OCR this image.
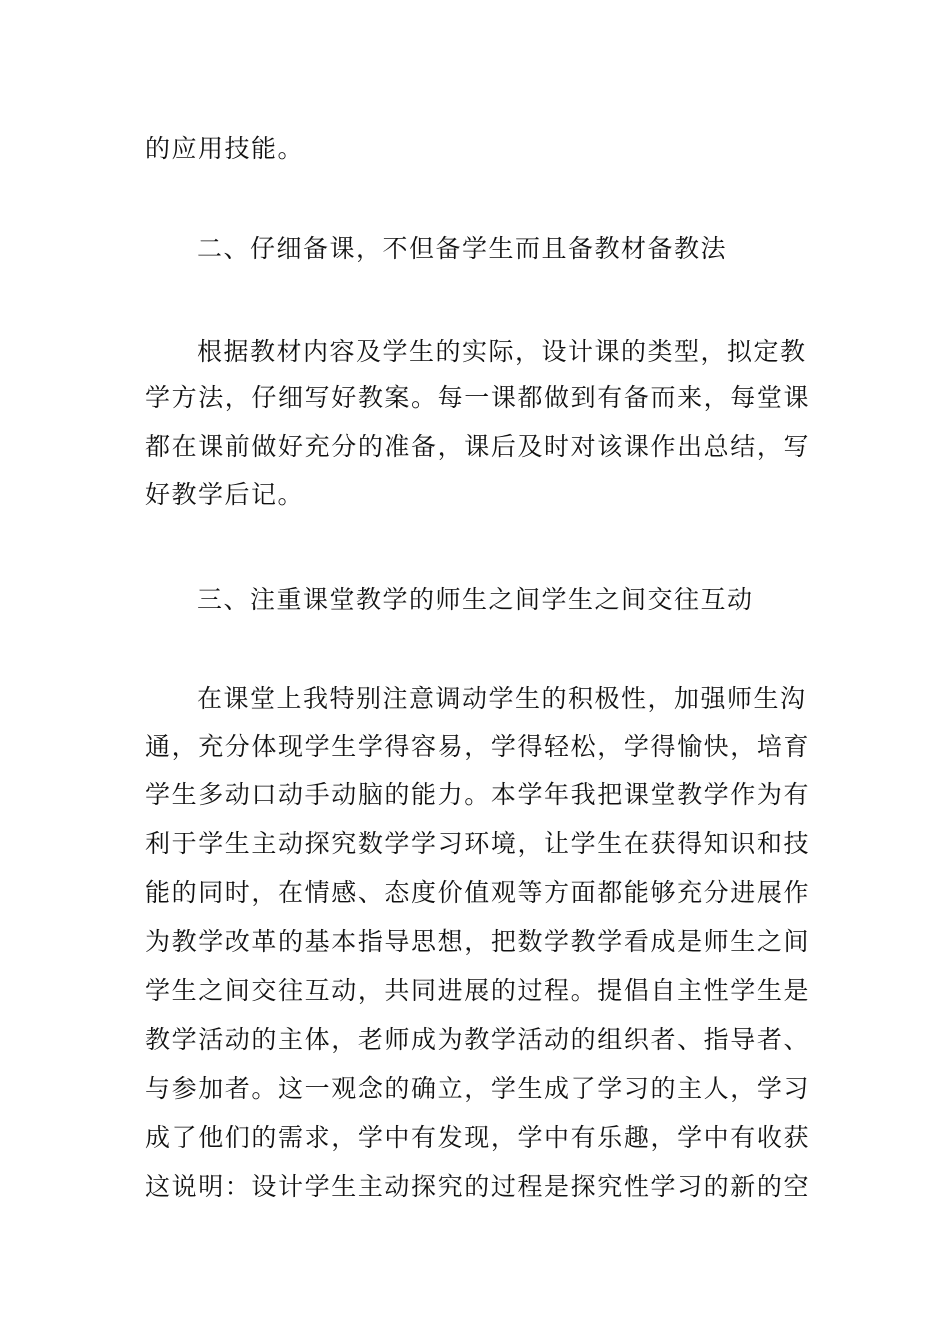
的应用技能。
二、仔细备课，不但备学生而且备教材备教法
根据教材内容及学生的实际，设计课的类型，拟定教
学方法，仔细写好教案。每一课都做到有备而来，每堂课
都在课前做好充分的准备，课后及时对该课作出总结，写
好教学后记。
三、注重课堂教学的师生之间学生之间交往互动
在课堂上我特别注意调动学生的积极性，加强师生沟
通，充分体现学生学得容易，学得轻松，学得愉快，培育
学生多动口动手动脑的能力。本学年我把课堂教学作为有
利于学生主动探究数学学习环境，让学生在获得知识和技
能的同时，在情感、态度价值观等方面都能够充分进展作
为教学改革的基本指导思想，把数学教学看成是师生之间
学生之间交往互动，共同进展的过程。提倡自主性学生是
教学活动的主体，老师成为教学活动的组织者、指导者、
与参加者。这一观念的确立，学生成了学习的主人，学习
成了他们的需求，学中有发现，学中有乐趣，学中有收获
这说明：设计学生主动探究的过程是探究性学习的新的空
